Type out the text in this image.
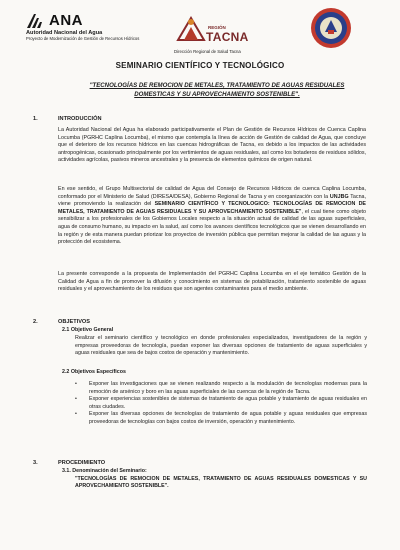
ANA
Autoridad Nacional del Agua
Proyecto de Modernización de Gestión de Recursos Hídricos
REGIÓN
TACNA
Dirección Regional de Salud Tacna
SEMINARIO CIENTÍFICO Y TECNOLÓGICO
"TECNOLOGÍAS DE REMOCION DE METALES, TRATAMIENTO DE AGUAS RESIDUALES DOMESTICAS Y SU APROVECHAMIENTO SOSTENIBLE".
1.	INTRODUCCIÓN
La Autoridad Nacional del Agua ha elaborado participativamente el Plan de Gestión de Recursos Hídricos de Cuenca Caplina Locumba (PGRHC Caplina Locumba), el mismo que contempla la línea de acción de Gestión de calidad de Agua, que concluye que el deterioro de los recursos hídricos en las cuencas hidrográficas de Tacna, es debido a los impactos de las actividades antropogénicas, ocasionado principalmente por los vertimientos de aguas residuales, así como los botaderos de residuos sólidos, actividades agrícolas, pasivos mineros ancestrales y la presencia de elementos químicos de origen natural.
En ese sentido, el Grupo Multisectorial de calidad de Agua del Consejo de Recursos Hídricos de cuenca Caplina Locumba, conformado por el Ministerio de Salud (DIRESA/DESA), Gobierno Regional de Tacna y en coorganización con la UNJBG Tacna, viene promoviendo la realización del SEMINARIO CIENTÍFICO Y TECNOLOGICO: TECNOLOGÍAS DE REMOCION DE METALES, TRATAMIENTO DE AGUAS RESIDUALES Y SU APROVECHAMIENTO SOSTENIBLE", el cual tiene como objeto sensibilizar a los profesionales de los Gobiernos Locales respecto a la situación actual de calidad de las aguas superficiales, agua de consumo humano, su impacto en la salud, así como los avances científicos tecnológicos que se vienen desarrollando en la región y de esta manera puedan priorizar los proyectos de inversión pública que permitan mejorar la calidad de las aguas y la protección del ecosistema.
La presente corresponde a la propuesta de Implementación del PGRHC Caplina Locumba en el eje temático Gestión de la Calidad de Agua a fin de promover la difusión y conocimiento en sistemas de potabilización, tratamiento sostenible de aguas residuales y el aprovechamiento de los residuos que son agentes contaminantes para el medio ambiente.
2.	OBJETIVOS
2.1 Objetivo General
Realizar el seminario científico y tecnológico en donde profesionales especializados, investigadores de la región y empresas proveedoras de tecnología, puedan exponer las diversas opciones de tratamiento de aguas superficiales y aguas residuales que sea de bajos costos de operación y mantenimiento.
2.2 Objetivos Específicos
• Exponer las investigaciones que se vienen realizando respecto a la modulación de tecnologías modernas para la remoción de arsénico y boro en las aguas superficiales de las cuencas de la región de Tacna.
• Exponer experiencias sostenibles de sistemas de tratamiento de agua potable y tratamiento de aguas residuales en otras ciudades.
• Exponer las diversas opciones de tecnologías de tratamiento de agua potable y aguas residuales que empresas proveedoras de tecnologías con bajos costos de inversión, operación y mantenimiento.
3.	PROCEDIMIENTO
3.1. Denominación del Seminario:
"TECNOLOGÍAS DE REMOCION DE METALES, TRATAMIENTO DE AGUAS RESIDUALES DOMESTICAS Y SU APROVECHAMIENTO SOSTENIBLE".
